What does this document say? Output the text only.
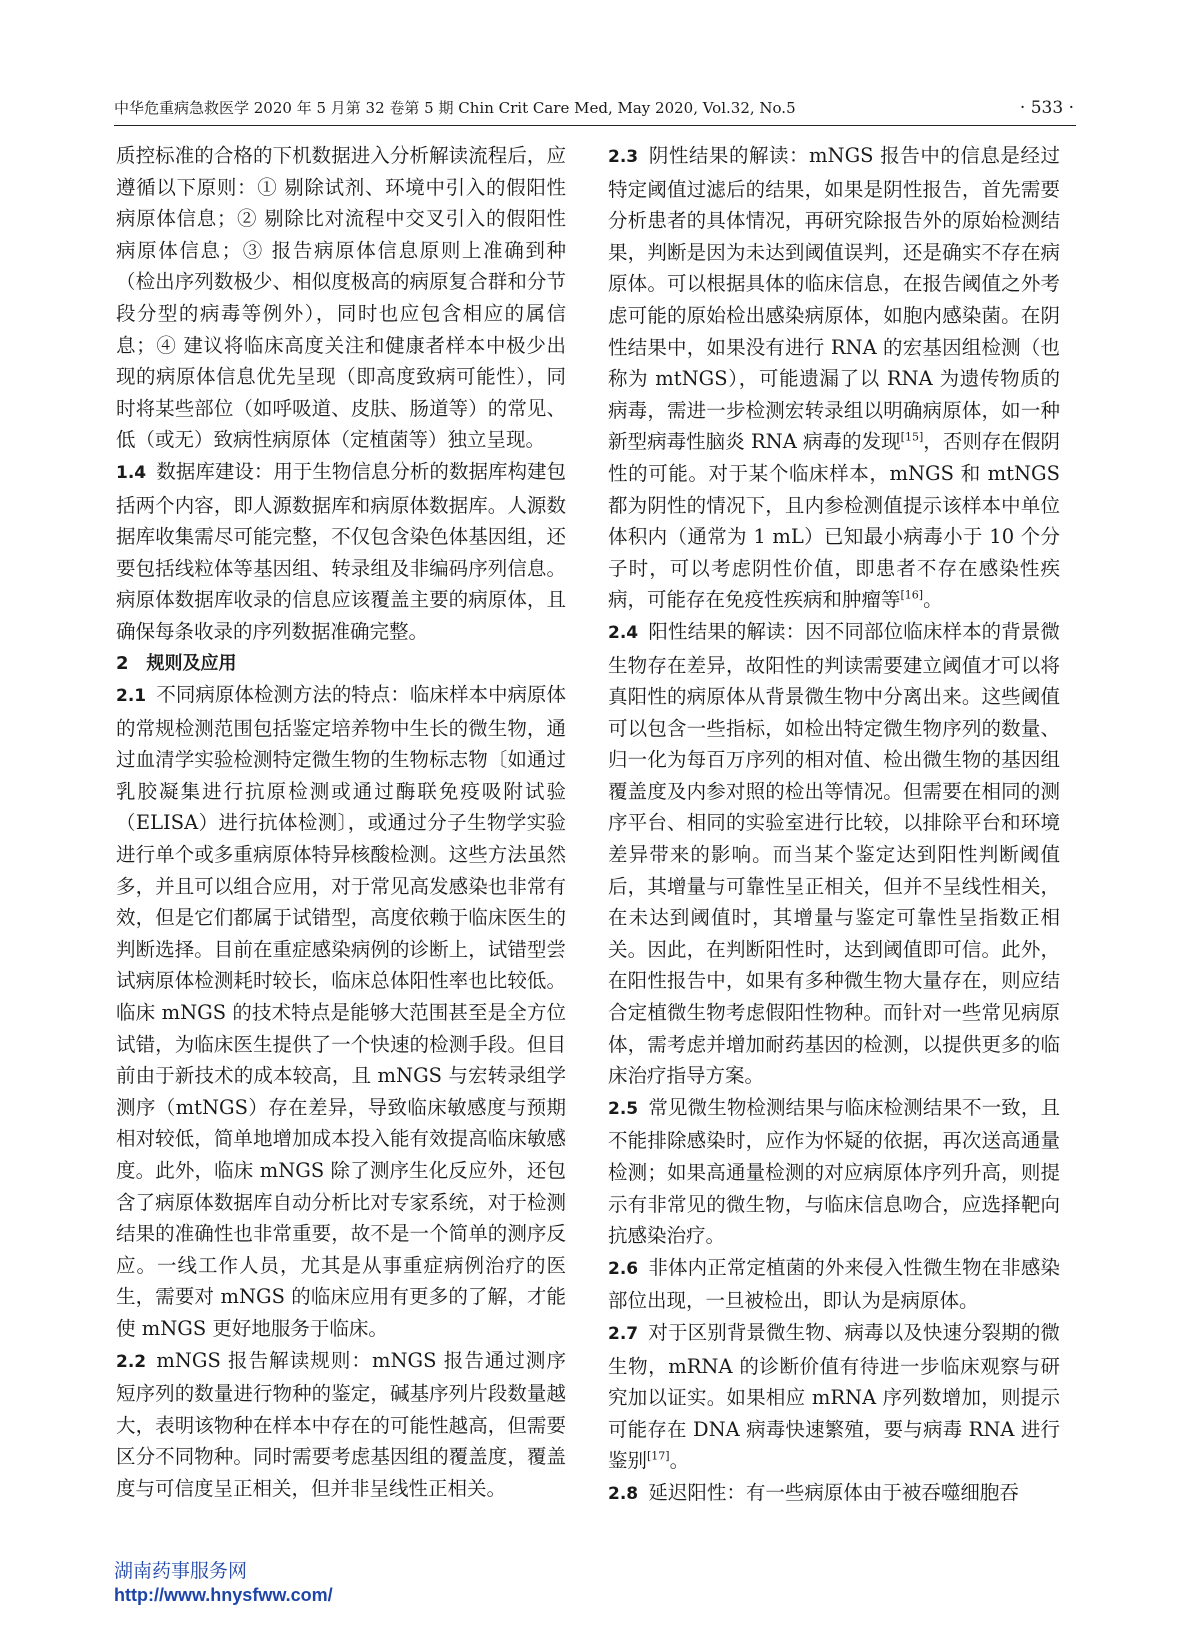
中华危重病急救医学 2020 年 5 月第 32 卷第 5 期 Chin Crit Care Med, May 2020, Vol.32, No.5	· 533 ·

质控标准的合格的下机数据进入分析解读流程后，应遵循以下原则：① 剔除试剂、环境中引入的假阳性病原体信息；② 剔除比对流程中交叉引入的假阳性病原体信息；③ 报告病原体信息原则上准确到种（检出序列数极少、相似度极高的病原复合群和分节段分型的病毒等例外），同时也应包含相应的属信息；④ 建议将临床高度关注和健康者样本中极少出现的病原体信息优先呈现（即高度致病可能性），同时将某些部位（如呼吸道、皮肤、肠道等）的常见、低（或无）致病性病原体（定植菌等）独立呈现。

1.4 数据库建设：用于生物信息分析的数据库构建包括两个内容，即人源数据库和病原体数据库。人源数据库收集需尽可能完整，不仅包含染色体基因组，还要包括线粒体等基因组、转录组及非编码序列信息。病原体数据库收录的信息应该覆盖主要的病原体，且确保每条收录的序列数据准确完整。

2　规则及应用

2.1 不同病原体检测方法的特点：临床样本中病原体的常规检测范围包括鉴定培养物中生长的微生物，通过血清学实验检测特定微生物的生物标志物〔如通过乳胶凝集进行抗原检测或通过酶联免疫吸附试验（ELISA）进行抗体检测〕，或通过分子生物学实验进行单个或多重病原体特异核酸检测。这些方法虽然多，并且可以组合应用，对于常见高发感染也非常有效，但是它们都属于试错型，高度依赖于临床医生的判断选择。目前在重症感染病例的诊断上，试错型尝试病原体检测耗时较长，临床总体阳性率也比较低。临床 mNGS 的技术特点是能够大范围甚至是全方位试错，为临床医生提供了一个快速的检测手段。但目前由于新技术的成本较高，且 mNGS 与宏转录组学测序（mtNGS）存在差异，导致临床敏感度与预期相对较低，简单地增加成本投入能有效提高临床敏感度。此外，临床 mNGS 除了测序生化反应外，还包含了病原体数据库自动分析比对专家系统，对于检测结果的准确性也非常重要，故不是一个简单的测序反应。一线工作人员，尤其是从事重症病例治疗的医生，需要对 mNGS 的临床应用有更多的了解，才能使 mNGS 更好地服务于临床。

2.2 mNGS 报告解读规则：mNGS 报告通过测序短序列的数量进行物种的鉴定，碱基序列片段数量越大，表明该物种在样本中存在的可能性越高，但需要区分不同物种。同时需要考虑基因组的覆盖度，覆盖度与可信度呈正相关，但并非呈线性正相关。

2.3 阴性结果的解读：mNGS 报告中的信息是经过特定阈值过滤后的结果，如果是阴性报告，首先需要分析患者的具体情况，再研究除报告外的原始检测结果，判断是因为未达到阈值误判，还是确实不存在病原体。可以根据具体的临床信息，在报告阈值之外考虑可能的原始检出感染病原体，如胞内感染菌。在阴性结果中，如果没有进行 RNA 的宏基因组检测（也称为 mtNGS），可能遗漏了以 RNA 为遗传物质的病毒，需进一步检测宏转录组以明确病原体，如一种新型病毒性脑炎 RNA 病毒的发现[15]，否则存在假阴性的可能。对于某个临床样本，mNGS 和 mtNGS 都为阴性的情况下，且内参检测值提示该样本中单位体积内（通常为 1 mL）已知最小病毒小于 10 个分子时，可以考虑阴性价值，即患者不存在感染性疾病，可能存在免疫性疾病和肿瘤等[16]。

2.4 阳性结果的解读：因不同部位临床样本的背景微生物存在差异，故阳性的判读需要建立阈值才可以将真阳性的病原体从背景微生物中分离出来。这些阈值可以包含一些指标，如检出特定微生物序列的数量、归一化为每百万序列的相对值、检出微生物的基因组覆盖度及内参对照的检出等情况。但需要在相同的测序平台、相同的实验室进行比较，以排除平台和环境差异带来的影响。而当某个鉴定达到阳性判断阈值后，其增量与可靠性呈正相关，但并不呈线性相关，在未达到阈值时，其增量与鉴定可靠性呈指数正相关。因此，在判断阳性时，达到阈值即可信。此外，在阳性报告中，如果有多种微生物大量存在，则应结合定植微生物考虑假阳性物种。而针对一些常见病原体，需考虑并增加耐药基因的检测，以提供更多的临床治疗指导方案。

2.5 常见微生物检测结果与临床检测结果不一致，且不能排除感染时，应作为怀疑的依据，再次送高通量检测；如果高通量检测的对应病原体序列升高，则提示有非常见的微生物，与临床信息吻合，应选择靶向抗感染治疗。

2.6 非体内正常定植菌的外来侵入性微生物在非感染部位出现，一旦被检出，即认为是病原体。

2.7 对于区别背景微生物、病毒以及快速分裂期的微生物，mRNA 的诊断价值有待进一步临床观察与研究加以证实。如果相应 mRNA 序列数增加，则提示可能存在 DNA 病毒快速繁殖，要与病毒 RNA 进行鉴别[17]。

2.8 延迟阳性：有一些病原体由于被吞噬细胞吞

湖南药事服务网
http://www.hnysfww.com/
